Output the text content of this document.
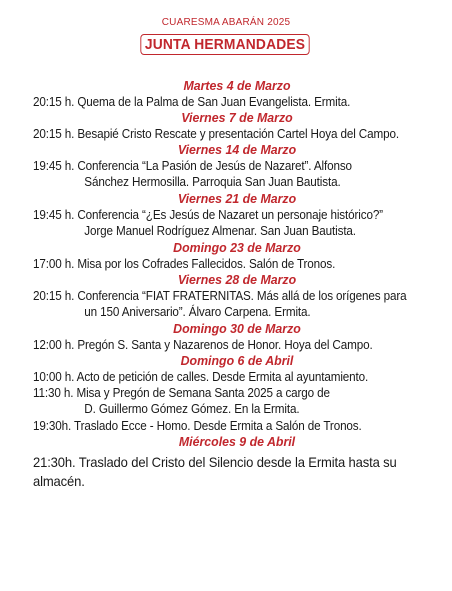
CUARESMA ABARÁN 2025
JUNTA HERMANDADES
Martes 4 de Marzo
20:15 h. Quema de la Palma de San Juan Evangelista. Ermita.
Viernes 7 de Marzo
20:15 h. Besapié Cristo Rescate y presentación Cartel Hoya del Campo.
Viernes 14 de Marzo
19:45 h. Conferencia “La Pasión de Jesús de Nazaret”. Alfonso
Sánchez Hermosilla. Parroquia San Juan Bautista.
Viernes 21 de Marzo
19:45 h. Conferencia “¿Es Jesús de Nazaret un personaje histórico?”
Jorge Manuel Rodríguez Almenar. San Juan Bautista.
Domingo 23 de Marzo
17:00 h. Misa por los Cofrades Fallecidos. Salón de Tronos.
Viernes 28 de Marzo
20:15 h. Conferencia “FIAT FRATERNITAS. Más allá de los orígenes para
un 150 Aniversario”. Álvaro Carpena. Ermita.
Domingo 30 de Marzo
12:00 h. Pregón S. Santa y Nazarenos de Honor. Hoya del Campo.
Domingo 6 de Abril
10:00 h. Acto de petición de calles. Desde Ermita al ayuntamiento.
11:30 h. Misa y Pregón de Semana Santa 2025 a cargo de
D. Guillermo Gómez Gómez. En la Ermita.
19:30h. Traslado Ecce - Homo. Desde Ermita a Salón de Tronos.
Miércoles 9 de Abril
21:30h. Traslado del Cristo del Silencio desde la Ermita hasta su
almacén.
